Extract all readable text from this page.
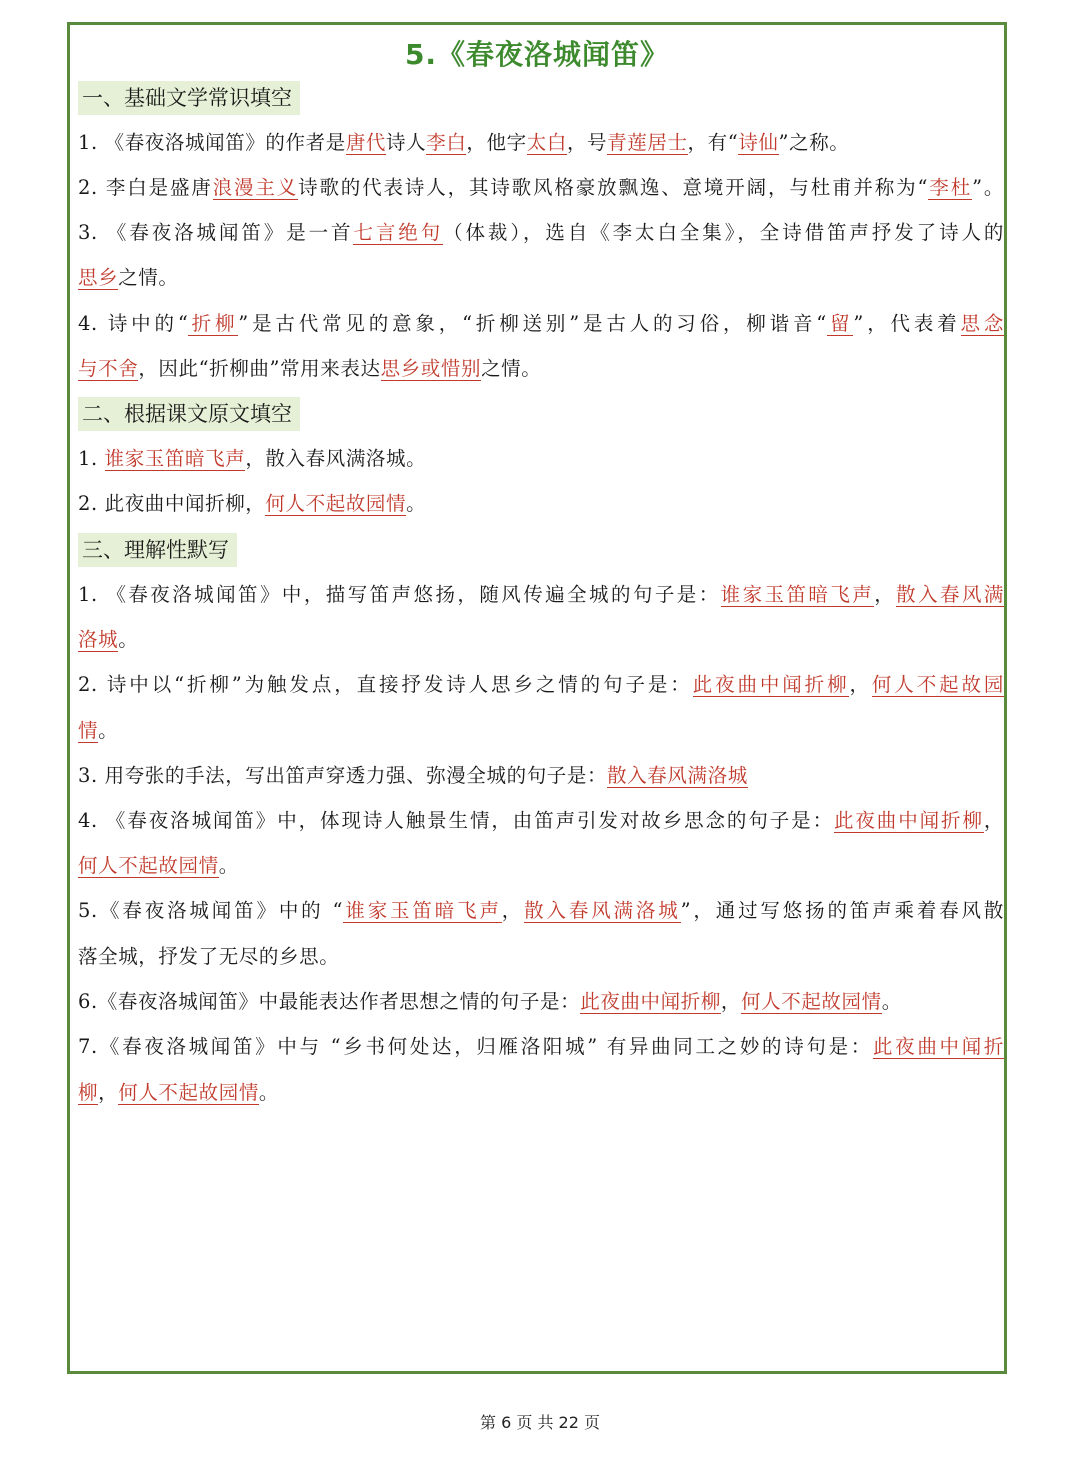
5.《春夜洛城闻笛》
一、基础文学常识填空
二、根据课文原文填空
三、理解性默写
1. 《春夜洛城闻笛》的作者是唐代诗人李白，他字太白，号青莲居士，有“诗仙”之称。
2. 李白是盛唐浪漫主义诗歌的代表诗人，其诗歌风格豪放飘逸、意境开阔，与杜甫并称为“李杜”。
3. 《春夜洛城闻笛》是一首七言绝句（体裁），选自《李太白全集》，全诗借笛声抒发了诗人的
思乡之情。
4. 诗中的“折柳”是古代常见的意象，“折柳送别”是古人的习俗，柳谐音“留”，代表着思念
与不舍，因此“折柳曲”常用来表达思乡或惜别之情。
1. 谁家玉笛暗飞声，散入春风满洛城。
2. 此夜曲中闻折柳，何人不起故园情。
1. 《春夜洛城闻笛》中，描写笛声悠扬，随风传遍全城的句子是：谁家玉笛暗飞声，散入春风满
洛城。
2. 诗中以“折柳”为触发点，直接抒发诗人思乡之情的句子是：此夜曲中闻折柳，何人不起故园
情。
3. 用夸张的手法，写出笛声穿透力强、弥漫全城的句子是：散入春风满洛城
4. 《春夜洛城闻笛》中，体现诗人触景生情，由笛声引发对故乡思念的句子是：此夜曲中闻折柳，
何人不起故园情。
5.《春夜洛城闻笛》中的 “谁家玉笛暗飞声，散入春风满洛城”，通过写悠扬的笛声乘着春风散
落全城，抒发了无尽的乡思。
6.《春夜洛城闻笛》中最能表达作者思想之情的句子是：此夜曲中闻折柳，何人不起故园情。
7.《春夜洛城闻笛》中与 “乡书何处达，归雁洛阳城” 有异曲同工之妙的诗句是：此夜曲中闻折
柳，何人不起故园情。
第 6 页 共 22 页
